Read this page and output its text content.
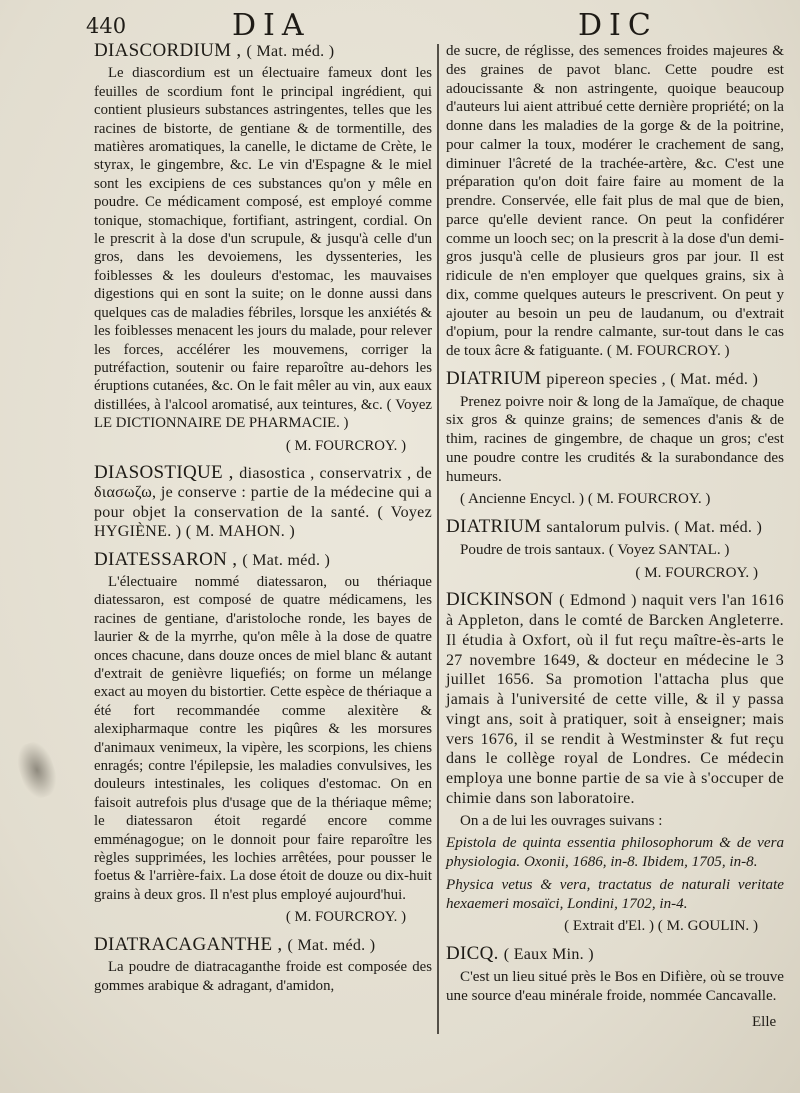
440	DIA	DIC
DIASCORDIUM , ( Mat. méd. )

Le diascordium est un électuaire fameux dont les feuilles de scordium font le principal ingrédient, qui contient plusieurs substances astringentes, telles que les racines de bistorte, de gentiane & de tormentille, des matières aromatiques, la canelle, le dictame de Crète, le styrax, le gingembre, &c. Le vin d'Espagne & le miel sont les excipiens de ces substances qu'on y mêle en poudre. Ce médicament composé, est employé comme tonique, stomachique, fortifiant, astringent, cordial. On le prescrit à la dose d'un scrupule, & jusqu'à celle d'un gros, dans les devoiemens, les dyssenteries, les foiblesses & les douleurs d'estomac, les mauvaises digestions qui en sont la suite; on le donne aussi dans quelques cas de maladies fébriles, lorsque les anxiétés & les foiblesses menacent les jours du malade, pour relever les forces, accélérer les mouvemens, corriger la putréfaction, soutenir ou faire reparoître au-dehors les éruptions cutanées, &c. On le fait mêler au vin, aux eaux distillées, à l'alcool aromatisé, aux teintures, &c. ( Voyez LE DICTIONNAIRE DE PHARMACIE. )

( M. FOURCROY. )
DIASOSTIQUE , diasostica , conservatrix , de διασωζω, je conserve : partie de la médecine qui a pour objet la conservation de la santé. ( Voyez HYGIÈNE. ) ( M. MAHON. )
DIATESSARON , ( Mat. méd. )

L'électuaire nommé diatessaron, ou thériaque diatessaron, est composé de quatre médicamens, les racines de gentiane, d'aristoloche ronde, les bayes de laurier & de la myrrhe, qu'on mêle à la dose de quatre onces chacune, dans douze onces de miel blanc & autant d'extrait de genièvre liquefiés; on forme un mélange exact au moyen du bistortier. Cette espèce de thériaque a été fort recommandée comme alexitère & alexipharmaque contre les piqûres & les morsures d'animaux venimeux, la vipère, les scorpions, les chiens enragés; contre l'épilepsie, les maladies convulsives, les douleurs intestinales, les coliques d'estomac. On en faisoit autrefois plus d'usage que de la thériaque même; le diatessaron étoit regardé encore comme emménagogue; on le donnoit pour faire reparoître les règles supprimées, les lochies arrêtées, pour pousser le foetus & l'arrière-faix. La dose étoit de douze ou dix-huit grains à deux gros. Il n'est plus employé aujourd'hui.

( M. FOURCROY. )
DIATRACAGANTHE , ( Mat. méd. )

La poudre de diatracaganthe froide est composée des gommes arabique & adragant, d'amidon,

de sucre, de réglisse, des semences froides majeures & des graines de pavot blanc. Cette poudre est adoucissante & non astringente, quoique beaucoup d'auteurs lui aient attribué cette dernière propriété; on la donne dans les maladies de la gorge & de la poitrine, pour calmer la toux, modérer le crachement de sang, diminuer l'âcreté de la trachée-artère, &c. C'est une préparation qu'on doit faire faire au moment de la prendre. Conservée, elle fait plus de mal que de bien, parce qu'elle devient rance. On peut la confidérer comme un looch sec; on la prescrit à la dose d'un demi-gros jusqu'à celle de plusieurs gros par jour. Il est ridicule de n'en employer que quelques grains, six à dix, comme quelques auteurs le prescrivent. On peut y ajouter au besoin un peu de laudanum, ou d'extrait d'opium, pour la rendre calmante, sur-tout dans le cas de toux âcre & fatiguante. ( M. FOURCROY. )

DIATRIUM pipereon species , ( Mat. méd. )

Prenez poivre noir & long de la Jamaïque, de chaque six gros & quinze grains; de semences d'anis & de thim, racines de gingembre, de chaque un gros; c'est une poudre contre les crudités & la surabondance des humeurs.

( Ancienne Encycl. ) ( M. FOURCROY. )

DIATRIUM santalorum pulvis. ( Mat. méd. )

Poudre de trois santaux. ( Voyez SANTAL. )

( M. FOURCROY. )
DICKINSON ( Edmond ) naquit vers l'an 1616 à Appleton, dans le comté de Barcken Angleterre. Il étudia à Oxfort, où il fut reçu maître-ès-arts le 27 novembre 1649, & docteur en médecine le 3 juillet 1656. Sa promotion l'attacha plus que jamais à l'université de cette ville, & il y passa vingt ans, soit à pratiquer, soit à enseigner; mais vers 1676, il se rendit à Westminster & fut reçu dans le collège royal de Londres. Ce médecin employa une bonne partie de sa vie à s'occuper de chimie dans son laboratoire.

On a de lui les ouvrages suivans :

Epistola de quinta essentia philosophorum & de vera physiologia. Oxonii, 1686, in-8. Ibidem, 1705, in-8.

Physica vetus & vera, tractatus de naturali veritate hexaemeri mosaïci, Londini, 1702, in-4.

( Extrait d'El. ) ( M. GOULIN. )
DICQ. ( Eaux Min. )

C'est un lieu situé près le Bos en Difière, où se trouve une source d'eau minérale froide, nommée Cancavalle.

Elle
